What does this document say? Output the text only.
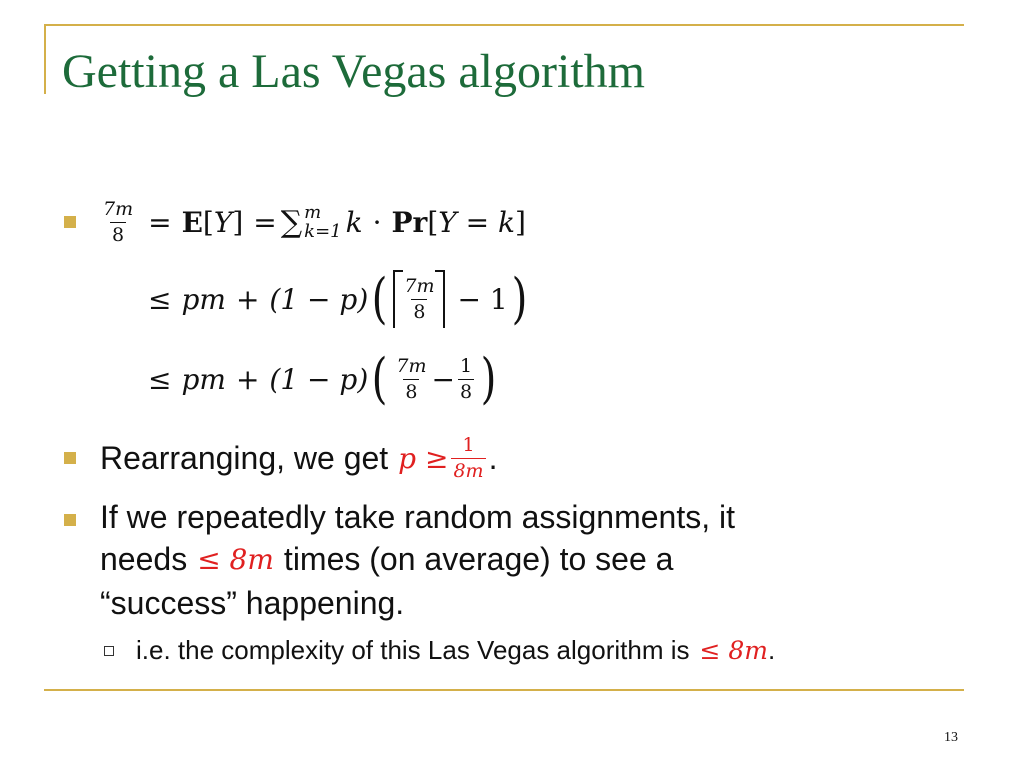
Getting a Las Vegas algorithm
$\frac{7m}{8} = E$ [ Y ] = ∑ m
k=1 k · Pr [ Y = k ]
≤ pm + (1 − p) ( $\frac{7m}{8} - 1$ )
≤ pm + (1 − p) ( $\frac{7m}{8} - \frac{1}{8}$ )
Rearranging, we get $p \ge \frac{1}{8m}$ .
If we repeatedly take random assignments, it
needs ≤ 8m times (on average) to see a
“success” happening.
i.e. the complexity of this Las Vegas algorithm is ≤ 8m .
13
